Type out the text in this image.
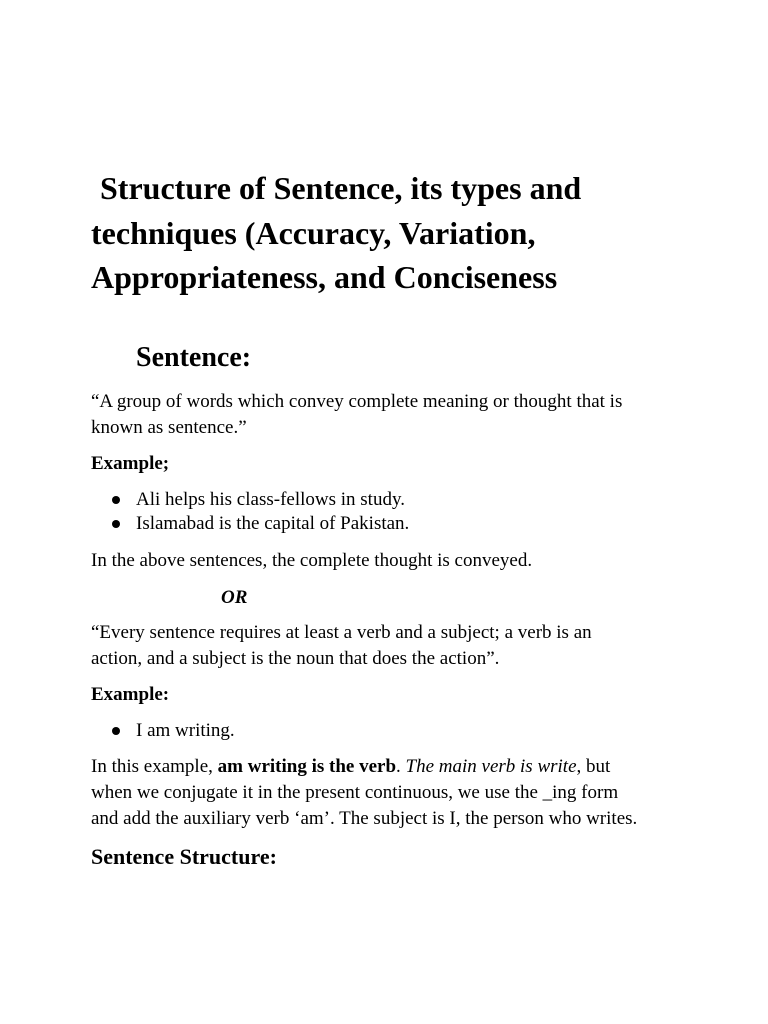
Structure of Sentence, its types and
techniques (Accuracy, Variation,
Appropriateness, and Conciseness
Sentence:

“A group of words which convey complete meaning or thought that is
known as sentence.”

Example;

Ali helps his class-fellows in study.
Islamabad is the capital of Pakistan.

In the above sentences, the complete thought is conveyed.

OR

“Every sentence requires at least a verb and a subject; a verb is an
action, and a subject is the noun that does the action”.

Example:

I am writing.

In this example, am writing is the verb. The main verb is write, but
when we conjugate it in the present continuous, we use the _ing form
and add the auxiliary verb ‘am’. The subject is I, the person who writes.

Sentence Structure:
